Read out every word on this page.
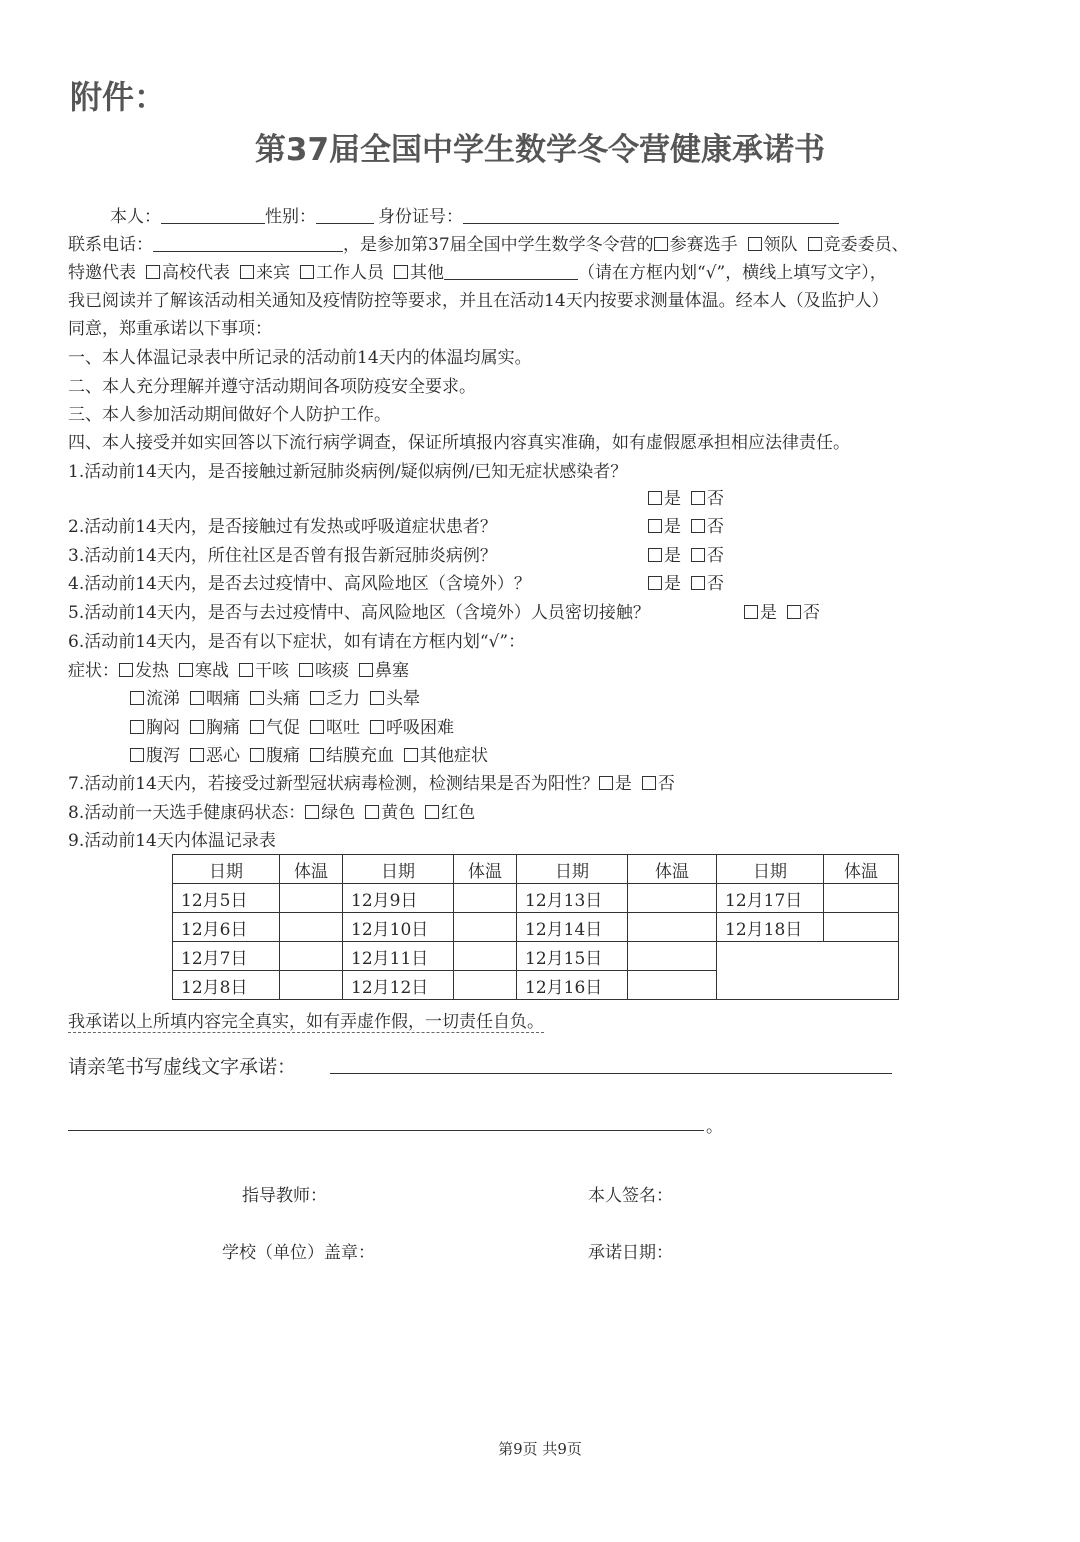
附件：
第37届全国中学生数学冬令营健康承诺书
本人：	性别：	身份证号：
联系电话：	，是参加第37届全国中学生数学冬令营的 参赛选手 领队 竞委委员、
特邀代表 高校代表 来宾 工作人员 其他	（请在方框内划“√”，横线上填写文字），
我已阅读并了解该活动相关通知及疫情防控等要求，并且在活动14天内按要求测量体温。经本人（及监护人）
同意，郑重承诺以下事项：
一、本人体温记录表中所记录的活动前14天内的体温均属实。
二、本人充分理解并遵守活动期间各项防疫安全要求。
三、本人参加活动期间做好个人防护工作。
四、本人接受并如实回答以下流行病学调查，保证所填报内容真实准确，如有虚假愿承担相应法律责任。
1.活动前14天内，是否接触过新冠肺炎病例/疑似病例/已知无症状感染者？
是 否
2.活动前14天内，是否接触过有发热或呼吸道症状患者？	是 否
3.活动前14天内，所住社区是否曾有报告新冠肺炎病例？	是 否
4.活动前14天内，是否去过疫情中、高风险地区（含境外）？	是 否
5.活动前14天内，是否与去过疫情中、高风险地区（含境外）人员密切接触？	是 否
6.活动前14天内，是否有以下症状，如有请在方框内划“√”：
症状： 发热 寒战 干咳 咳痰 鼻塞
流涕 咽痛 头痛 乏力 头晕
胸闷 胸痛 气促 呕吐 呼吸困难
腹泻 恶心 腹痛 结膜充血 其他症状
7.活动前14天内，若接受过新型冠状病毒检测，检测结果是否为阳性？ 是 否
8.活动前一天选手健康码状态： 绿色 黄色 红色
9.活动前14天内体温记录表
日期	体温	日期	体温	日期	体温	日期	体温
12月5日		12月9日		12月13日		12月17日	
12月6日		12月10日		12月14日		12月18日	
12月7日		12月11日		12月15日			
12月8日		12月12日		12月16日			
我承诺以上所填内容完全真实，如有弄虚作假，一切责任自负。
请亲笔书写虚线文字承诺：
。
指导教师：	本人签名：
学校（单位）盖章：	承诺日期：
第9页 共9页
